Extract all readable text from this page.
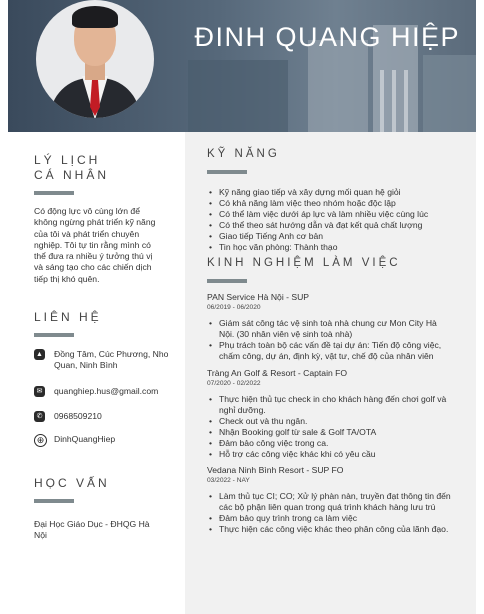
ĐINH QUANG HIỆP
LÝ LỊCH
CÁ NHÂN
Có động lực vô cùng lớn để không ngừng phát triển kỹ năng của tôi và phát triển chuyên nghiệp. Tôi tự tin rằng mình có thể đưa ra nhiều ý tưởng thú vị và sáng tạo cho các chiến dịch tiếp thị khó quên.
LIÊN HỆ
▲ Đồng Tâm, Cúc Phương, Nho Quan, Ninh Bình
✉ quanghiep.hus@gmail.com
✆ 0968509210
⊕	DinhQuangHiep
HỌC VẤN
Đại Học Giáo Dục - ĐHQG Hà Nội
KỸ NĂNG
• Kỹ năng giao tiếp và xây dựng mối quan hệ giỏi
• Có khả năng làm việc theo nhóm hoặc độc lập
• Có thể làm việc dưới áp lực và làm nhiều việc cùng lúc
• Có thể theo sát hướng dẫn và đạt kết quả chất lượng
• Giao tiếp Tiếng Anh cơ bản
• Tin học văn phòng: Thành thạo
KINH NGHIỆM LÀM VIỆC
PAN Service Hà Nội - SUP
06/2019 - 06/2020
• Giám sát công tác vệ sinh toà nhà chung cư Mon City Hà Nội. (30 nhân viên vệ sinh toà nhà)
• Phụ trách toàn bộ các vấn đề tại dự án: Tiến độ công việc, chấm công, dự án, định kỳ, vật tư, chế độ của nhân viên
Tràng An Golf & Resort - Captain FO
07/2020 - 02/2022
• Thực hiện thủ tục check in cho khách hàng đến chơi golf và nghỉ dưỡng.
• Check out và thu ngân.
• Nhận Booking golf từ sale & Golf TA/OTA
• Đảm bảo công việc trong ca.
• Hỗ trợ các công việc khác khi có yêu cầu
Vedana Ninh Bình Resort - SUP FO
03/2022 - NAY
• Làm thủ tục CI; CO; Xử lý phàn nàn, truyền đạt thông tin đến các bộ phận liên quan trong quá trình khách hàng lưu trú
• Đảm bảo quy trình trong ca làm việc
• Thực hiện các công việc khác theo phân công của lãnh đạo.
